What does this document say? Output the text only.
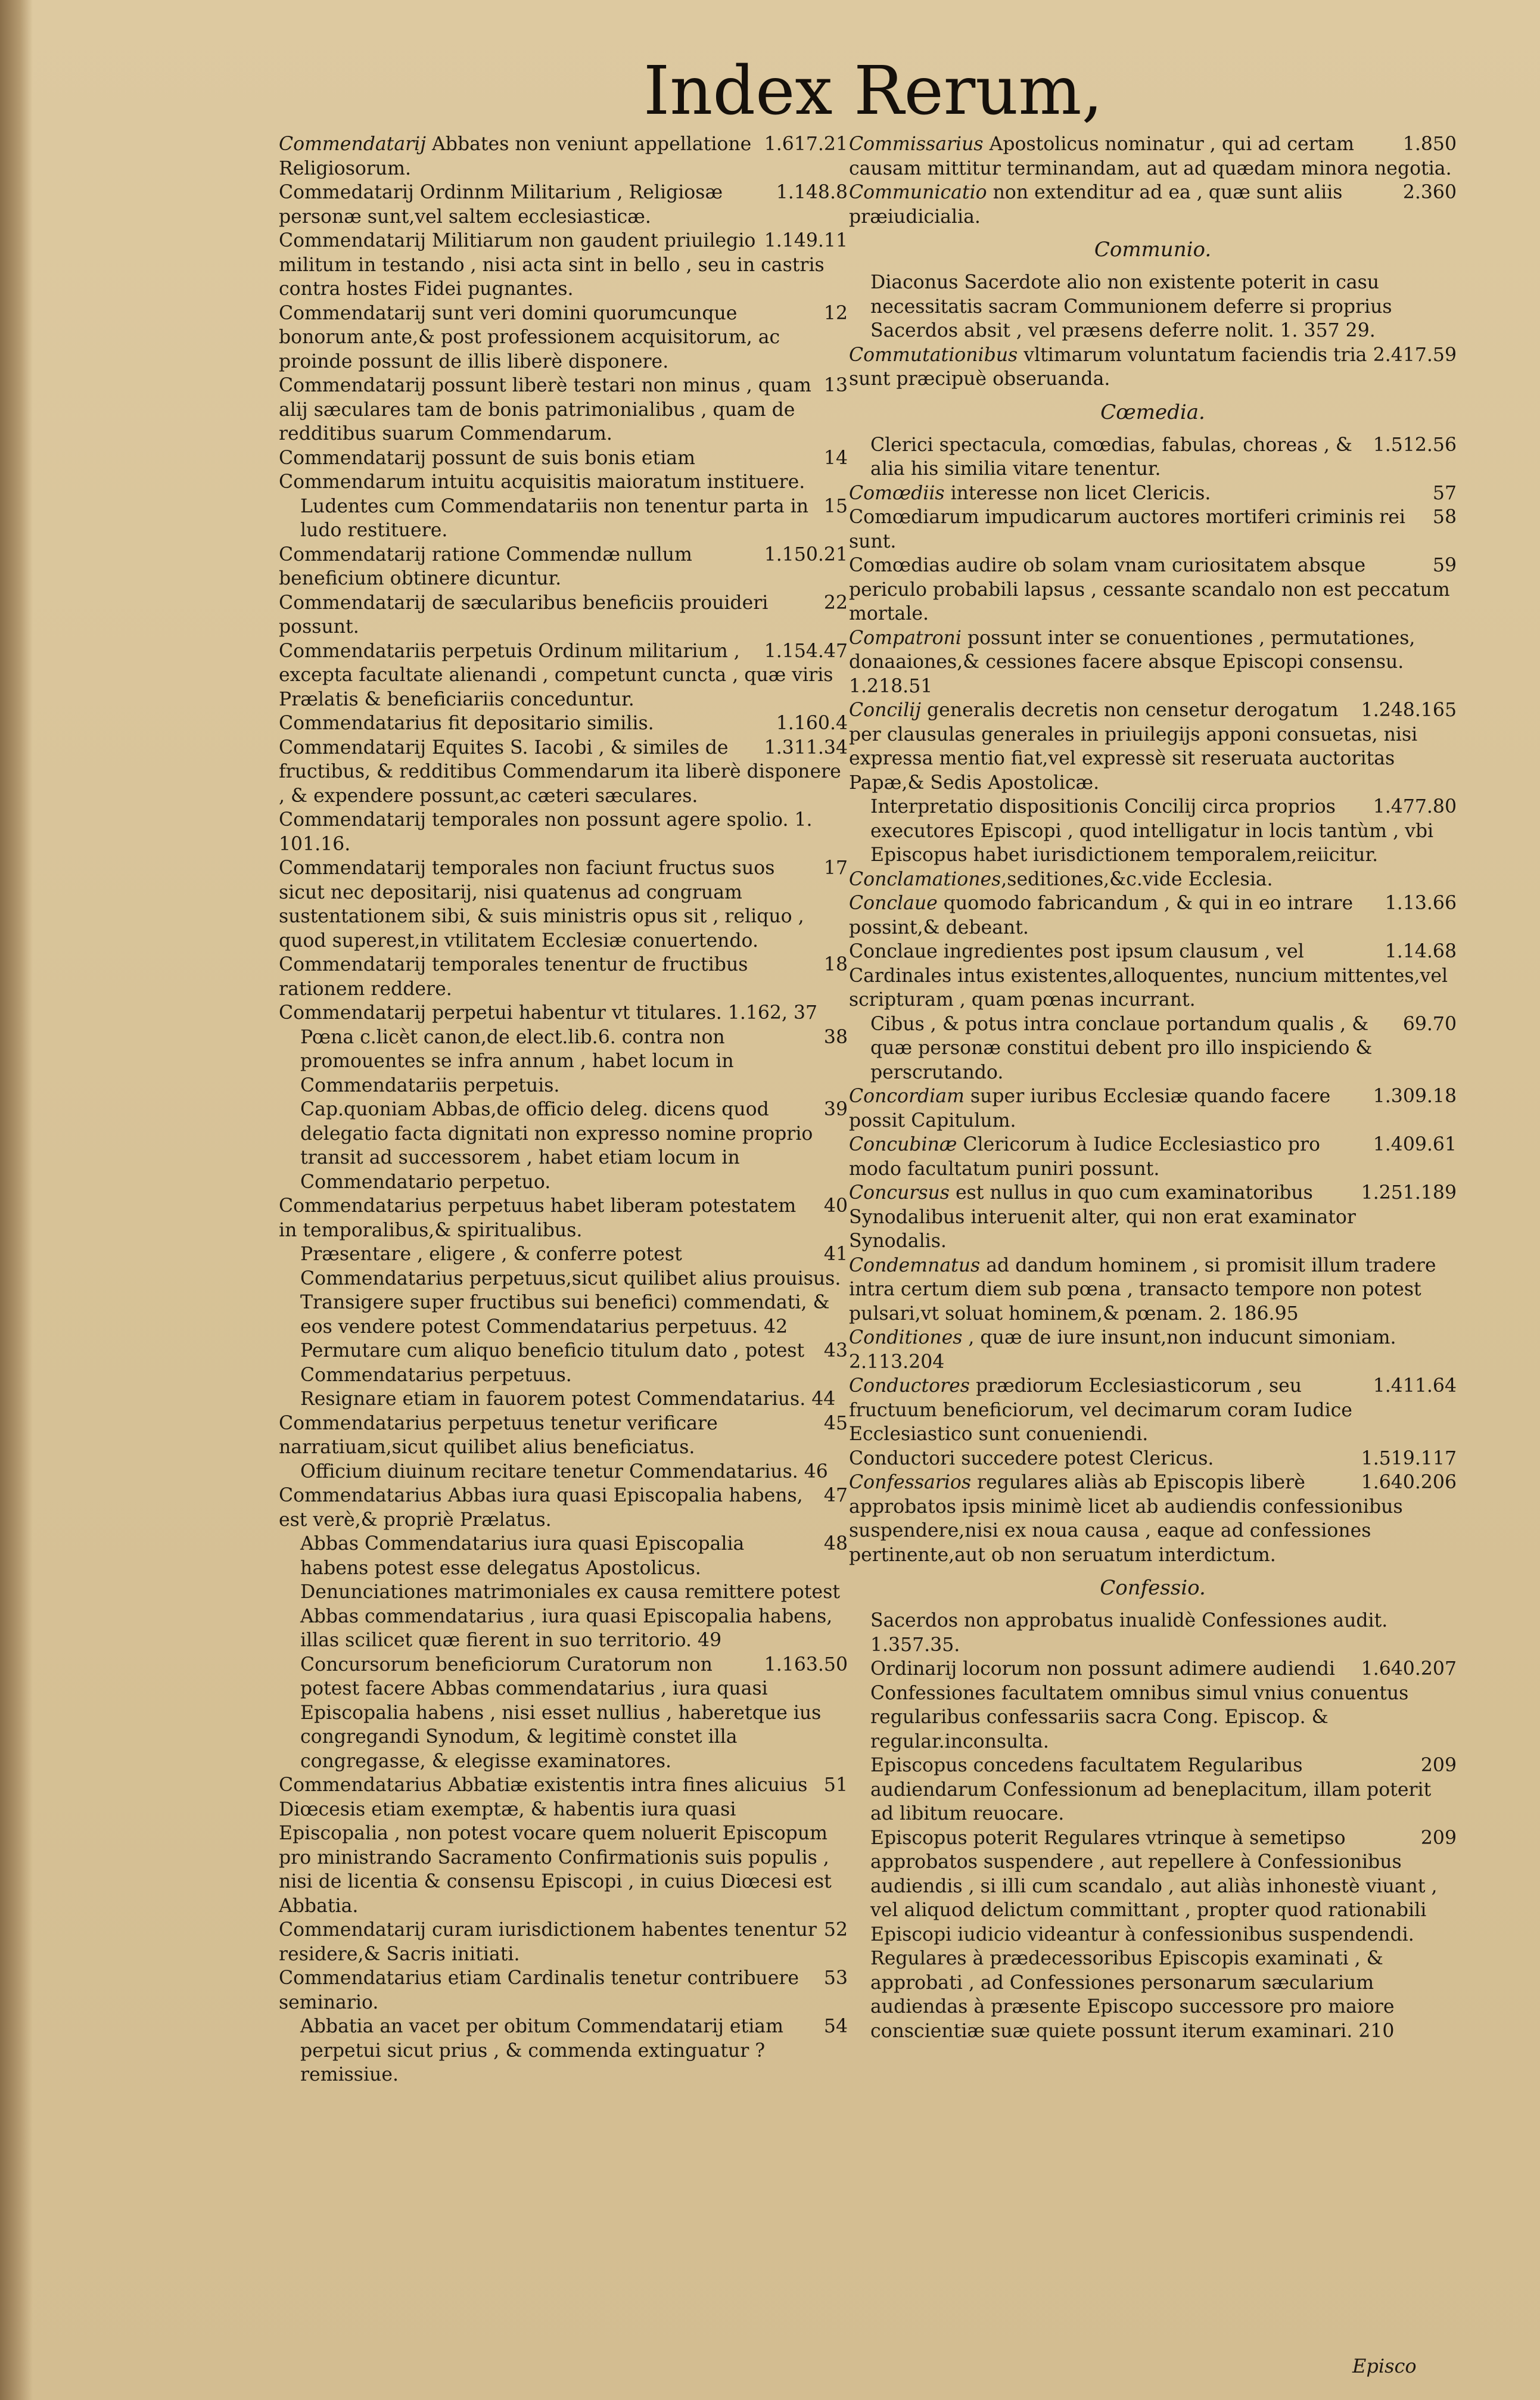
Index Rerum,

1.617.21
Commendatarij Abbates non veniunt appellatione Religiosorum.

1.148.8
Commedatarij Ordinnm Militarium , Religiosæ personæ sunt,vel saltem ecclesiasticæ.

1.149.11
Commendatarij Militiarum non gaudent priuilegio militum in testando , nisi acta sint in bello , seu in castris contra hostes Fidei pugnantes.

12
Commendatarij sunt veri domini quorumcunque bonorum ante,& post professionem acquisitorum, ac proinde possunt de illis liberè disponere.

13
Commendatarij possunt liberè testari non minus , quam alij sæculares tam de bonis patrimonialibus , quam de redditibus suarum Commendarum.

14
Commendatarij possunt de suis bonis etiam Commendarum intuitu acquisitis maioratum instituere.

15
Ludentes cum Commendatariis non tenentur parta in ludo restituere.

1.150.21
Commendatarij ratione Commendæ nullum beneficium obtinere dicuntur.

22
Commendatarij de sæcularibus beneficiis prouideri possunt.

1.154.47
Commendatariis perpetuis Ordinum militarium , excepta facultate alienandi , competunt cuncta , quæ viris Prælatis & beneficiariis conceduntur.

1.160.4
Commendatarius fit depositario similis.

1.311.34
Commendatarij Equites S. Iacobi , & similes de fructibus, & redditibus Commendarum ita liberè disponere , & expendere possunt,ac cæteri sæculares.

Commendatarij temporales non possunt agere spolio. 1. 101.16.

17
Commendatarij temporales non faciunt fructus suos sicut nec depositarij, nisi quatenus ad congruam sustentationem sibi, & suis ministris opus sit , reliquo , quod superest,in vtilitatem Ecclesiæ conuertendo.

18
Commendatarij temporales tenentur de fructibus rationem reddere.

Commendatarij perpetui habentur vt titulares. 1.162, 37

38
Pœna c.licèt canon,de elect.lib.6. contra non promouentes se infra annum , habet locum in Commendatariis perpetuis.

39
Cap.quoniam Abbas,de officio deleg. dicens quod delegatio facta dignitati non expresso nomine proprio transit ad successorem , habet etiam locum in Commendatario perpetuo.

40
Commendatarius perpetuus habet liberam potestatem in temporalibus,& spiritualibus.

41
Præsentare , eligere , & conferre potest Commendatarius perpetuus,sicut quilibet alius prouisus.

Transigere super fructibus sui benefici) commendati, & eos vendere potest Commendatarius perpetuus. 42

43
Permutare cum aliquo beneficio titulum dato , potest Commendatarius perpetuus.

Resignare etiam in fauorem potest Commendatarius. 44

45
Commendatarius perpetuus tenetur verificare narratiuam,sicut quilibet alius beneficiatus.

Officium diuinum recitare tenetur Commendatarius. 46

47
Commendatarius Abbas iura quasi Episcopalia habens, est verè,& propriè Prælatus.

48
Abbas Commendatarius iura quasi Episcopalia habens potest esse delegatus Apostolicus.

Denunciationes matrimoniales ex causa remittere potest Abbas commendatarius , iura quasi Episcopalia habens, illas scilicet quæ fierent in suo territorio. 49

1.163.50
Concursorum beneficiorum Curatorum non potest facere Abbas commendatarius , iura quasi Episcopalia habens , nisi esset nullius , haberetque ius congregandi Synodum, & legitimè constet illa congregasse, & elegisse examinatores.

51
Commendatarius Abbatiæ existentis intra fines alicuius Diœcesis etiam exemptæ, & habentis iura quasi Episcopalia , non potest vocare quem noluerit Episcopum pro ministrando Sacramento Confirmationis suis populis , nisi de licentia & consensu Episcopi , in cuius Diœcesi est Abbatia.

52
Commendatarij curam iurisdictionem habentes tenentur residere,& Sacris initiati.

53
Commendatarius etiam Cardinalis tenetur contribuere seminario.

54
Abbatia an vacet per obitum Commendatarij etiam perpetui sicut prius , & commenda extinguatur ? remissiue.

1.850
Commissarius Apostolicus nominatur , qui ad certam causam mittitur terminandam, aut ad quædam minora negotia.

2.360
Communicatio non extenditur ad ea , quæ sunt aliis præiudicialia.

Communio.

Diaconus Sacerdote alio non existente poterit in casu necessitatis sacram Communionem deferre si proprius Sacerdos absit , vel præsens deferre nolit. 1. 357 29.

2.417.59
Commutationibus vltimarum voluntatum faciendis tria sunt præcipuè obseruanda.

Cœmedia.

1.512.56
Clerici spectacula, comœdias, fabulas, choreas , & alia his similia vitare tenentur.

57
Comœdiis interesse non licet Clericis.

58
Comœdiarum impudicarum auctores mortiferi criminis rei sunt.

59
Comœdias audire ob solam vnam curiositatem absque periculo probabili lapsus , cessante scandalo non est peccatum mortale.

Compatroni possunt inter se conuentiones , permutationes, donaaiones,& cessiones facere absque Episcopi consensu. 1.218.51

1.248.165
Concilij generalis decretis non censetur derogatum per clausulas generales in priuilegijs apponi consuetas, nisi expressa mentio fiat,vel expressè sit reseruata auctoritas Papæ,& Sedis Apostolicæ.

1.477.80
Interpretatio dispositionis Concilij circa proprios executores Episcopi , quod intelligatur in locis tantùm , vbi Episcopus habet iurisdictionem temporalem,reiicitur.

Conclamationes,seditiones,&c.vide Ecclesia.

1.13.66
Conclaue quomodo fabricandum , & qui in eo intrare possint,& debeant.

1.14.68
Conclaue ingredientes post ipsum clausum , vel Cardinales intus existentes,alloquentes, nuncium mittentes,vel scripturam , quam pœnas incurrant.

69.70
Cibus , & potus intra conclaue portandum qualis , & quæ personæ constitui debent pro illo inspiciendo & perscrutando.

1.309.18
Concordiam super iuribus Ecclesiæ quando facere possit Capitulum.

1.409.61
Concubinæ Clericorum à Iudice Ecclesiastico pro modo facultatum puniri possunt.

1.251.189
Concursus est nullus in quo cum examinatoribus Synodalibus interuenit alter, qui non erat examinator Synodalis.

Condemnatus ad dandum hominem , si promisit illum tradere intra certum diem sub pœna , transacto tempore non potest pulsari,vt soluat hominem,& pœnam. 2. 186.95

Conditiones , quæ de iure insunt,non inducunt simoniam. 2.113.204

1.411.64
Conductores prædiorum Ecclesiasticorum , seu fructuum beneficiorum, vel decimarum coram Iudice Ecclesiastico sunt conueniendi.

1.519.117
Conductori succedere potest Clericus.

1.640.206
Confessarios regulares aliàs ab Episcopis liberè approbatos ipsis minimè licet ab audiendis confessionibus suspendere,nisi ex noua causa , eaque ad confessiones pertinente,aut ob non seruatum interdictum.

Confessio.

Sacerdos non approbatus inualidè Confessiones audit. 1.357.35.

1.640.207
Ordinarij locorum non possunt adimere audiendi Confessiones facultatem omnibus simul vnius conuentus regularibus confessariis sacra Cong. Episcop. & regular.inconsulta.

209
Episcopus concedens facultatem Regularibus audiendarum Confessionum ad beneplacitum, illam poterit ad libitum reuocare.

209
Episcopus poterit Regulares vtrinque à semetipso approbatos suspendere , aut repellere à Confessionibus audiendis , si illi cum scandalo , aut aliàs inhonestè viuant , vel aliquod delictum committant , propter quod rationabili Episcopi iudicio videantur à confessionibus suspendendi.

Regulares à prædecessoribus Episcopis examinati , & approbati , ad Confessiones personarum sæcularium audiendas à præsente Episcopo successore pro maiore conscientiæ suæ quiete possunt iterum examinari. 210

Episco
